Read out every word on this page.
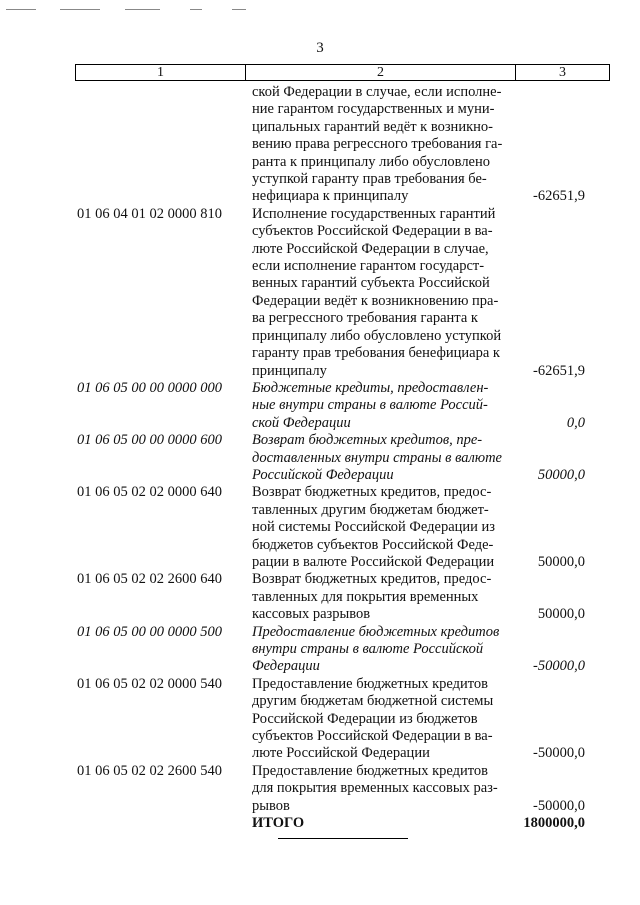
3
1	2	3
ской Федерации в случае, если исполне-
ние гарантом государственных и муни-
ципальных гарантий ведёт к возникно-
вению права регрессного требования га-
ранта к принципалу либо обусловлено
уступкой гаранту прав требования бе-
нефициара к принципалу	-62651,9
01 06 04 01 02 0000 810	Исполнение государственных гарантий
субъектов Российской Федерации в ва-
люте Российской Федерации в случае,
если исполнение гарантом государст-
венных гарантий субъекта Российской
Федерации ведёт к возникновению пра-
ва регрессного требования гаранта к
принципалу либо обусловлено уступкой
гаранту прав требования бенефициара к
принципалу	-62651,9
01 06 05 00 00 0000 000	Бюджетные кредиты, предоставлен-
ные внутри страны в валюте Россий-
ской Федерации	0,0
01 06 05 00 00 0000 600	Возврат бюджетных кредитов, пре-
доставленных внутри страны в валюте
Российской Федерации	50000,0
01 06 05 02 02 0000 640	Возврат бюджетных кредитов, предос-
тавленных другим бюджетам бюджет-
ной системы Российской Федерации из
бюджетов субъектов Российской Феде-
рации в валюте Российской Федерации	50000,0
01 06 05 02 02 2600 640	Возврат бюджетных кредитов, предос-
тавленных для покрытия временных
кассовых разрывов	50000,0
01 06 05 00 00 0000 500	Предоставление бюджетных кредитов
внутри страны в валюте Российской
Федерации	-50000,0
01 06 05 02 02 0000 540	Предоставление бюджетных кредитов
другим бюджетам бюджетной системы
Российской Федерации из бюджетов
субъектов Российской Федерации в ва-
люте Российской Федерации	-50000,0
01 06 05 02 02 2600 540	Предоставление бюджетных кредитов
для покрытия временных кассовых раз-
рывов	-50000,0
ИТОГО	1800000,0
